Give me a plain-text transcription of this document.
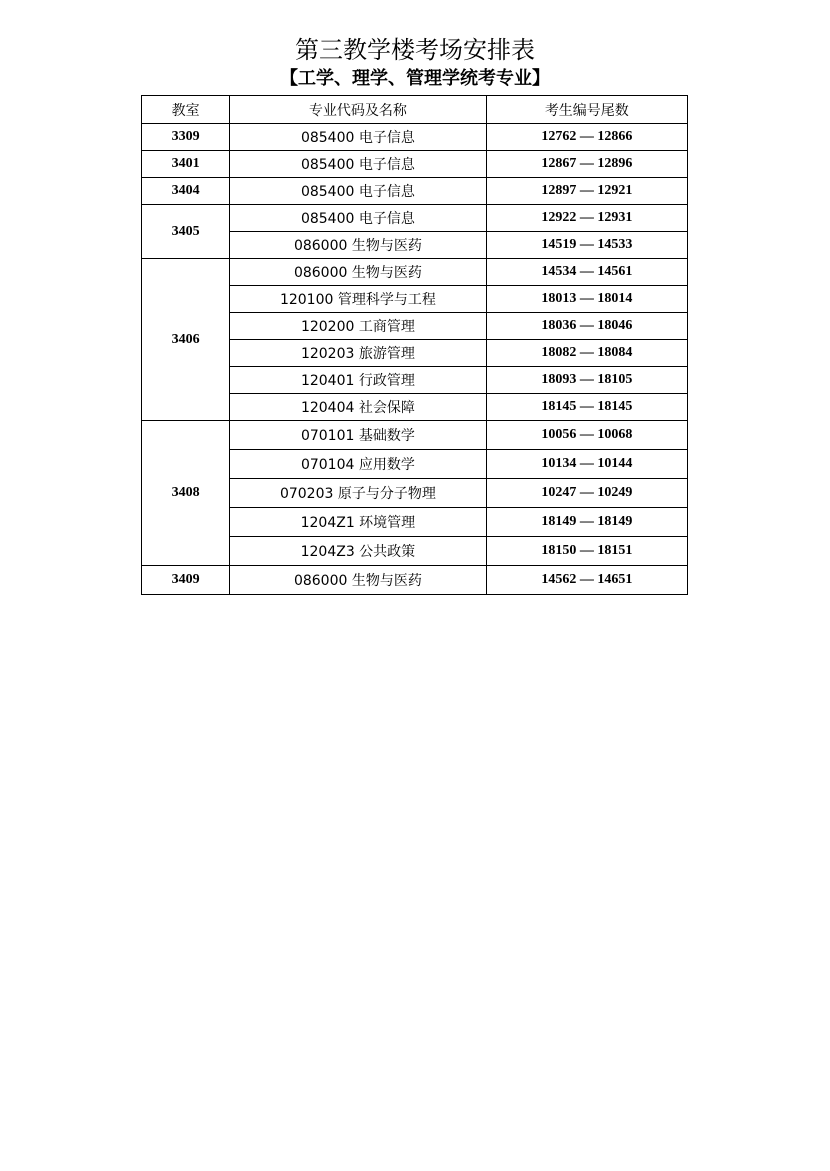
第三教学楼考场安排表
【工学、理学、管理学统考专业】
教室	专业代码及名称	考生编号尾数
3309	085400 电子信息	12762 — 12866
3401	085400 电子信息	12867 — 12896
3404	085400 电子信息	12897 — 12921
3405	085400 电子信息	12922 — 12931
	086000 生物与医药	14519 — 14533
3406	086000 生物与医药	14534 — 14561
	120100 管理科学与工程	18013 — 18014
	120200 工商管理	18036 — 18046
	120203 旅游管理	18082 — 18084
	120401 行政管理	18093 — 18105
	120404 社会保障	18145 — 18145
3408	070101 基础数学	10056 — 10068
	070104 应用数学	10134 — 10144
	070203 原子与分子物理	10247 — 10249
	1204Z1 环境管理	18149 — 18149
	1204Z3 公共政策	18150 — 18151
3409	086000 生物与医药	14562 — 14651
